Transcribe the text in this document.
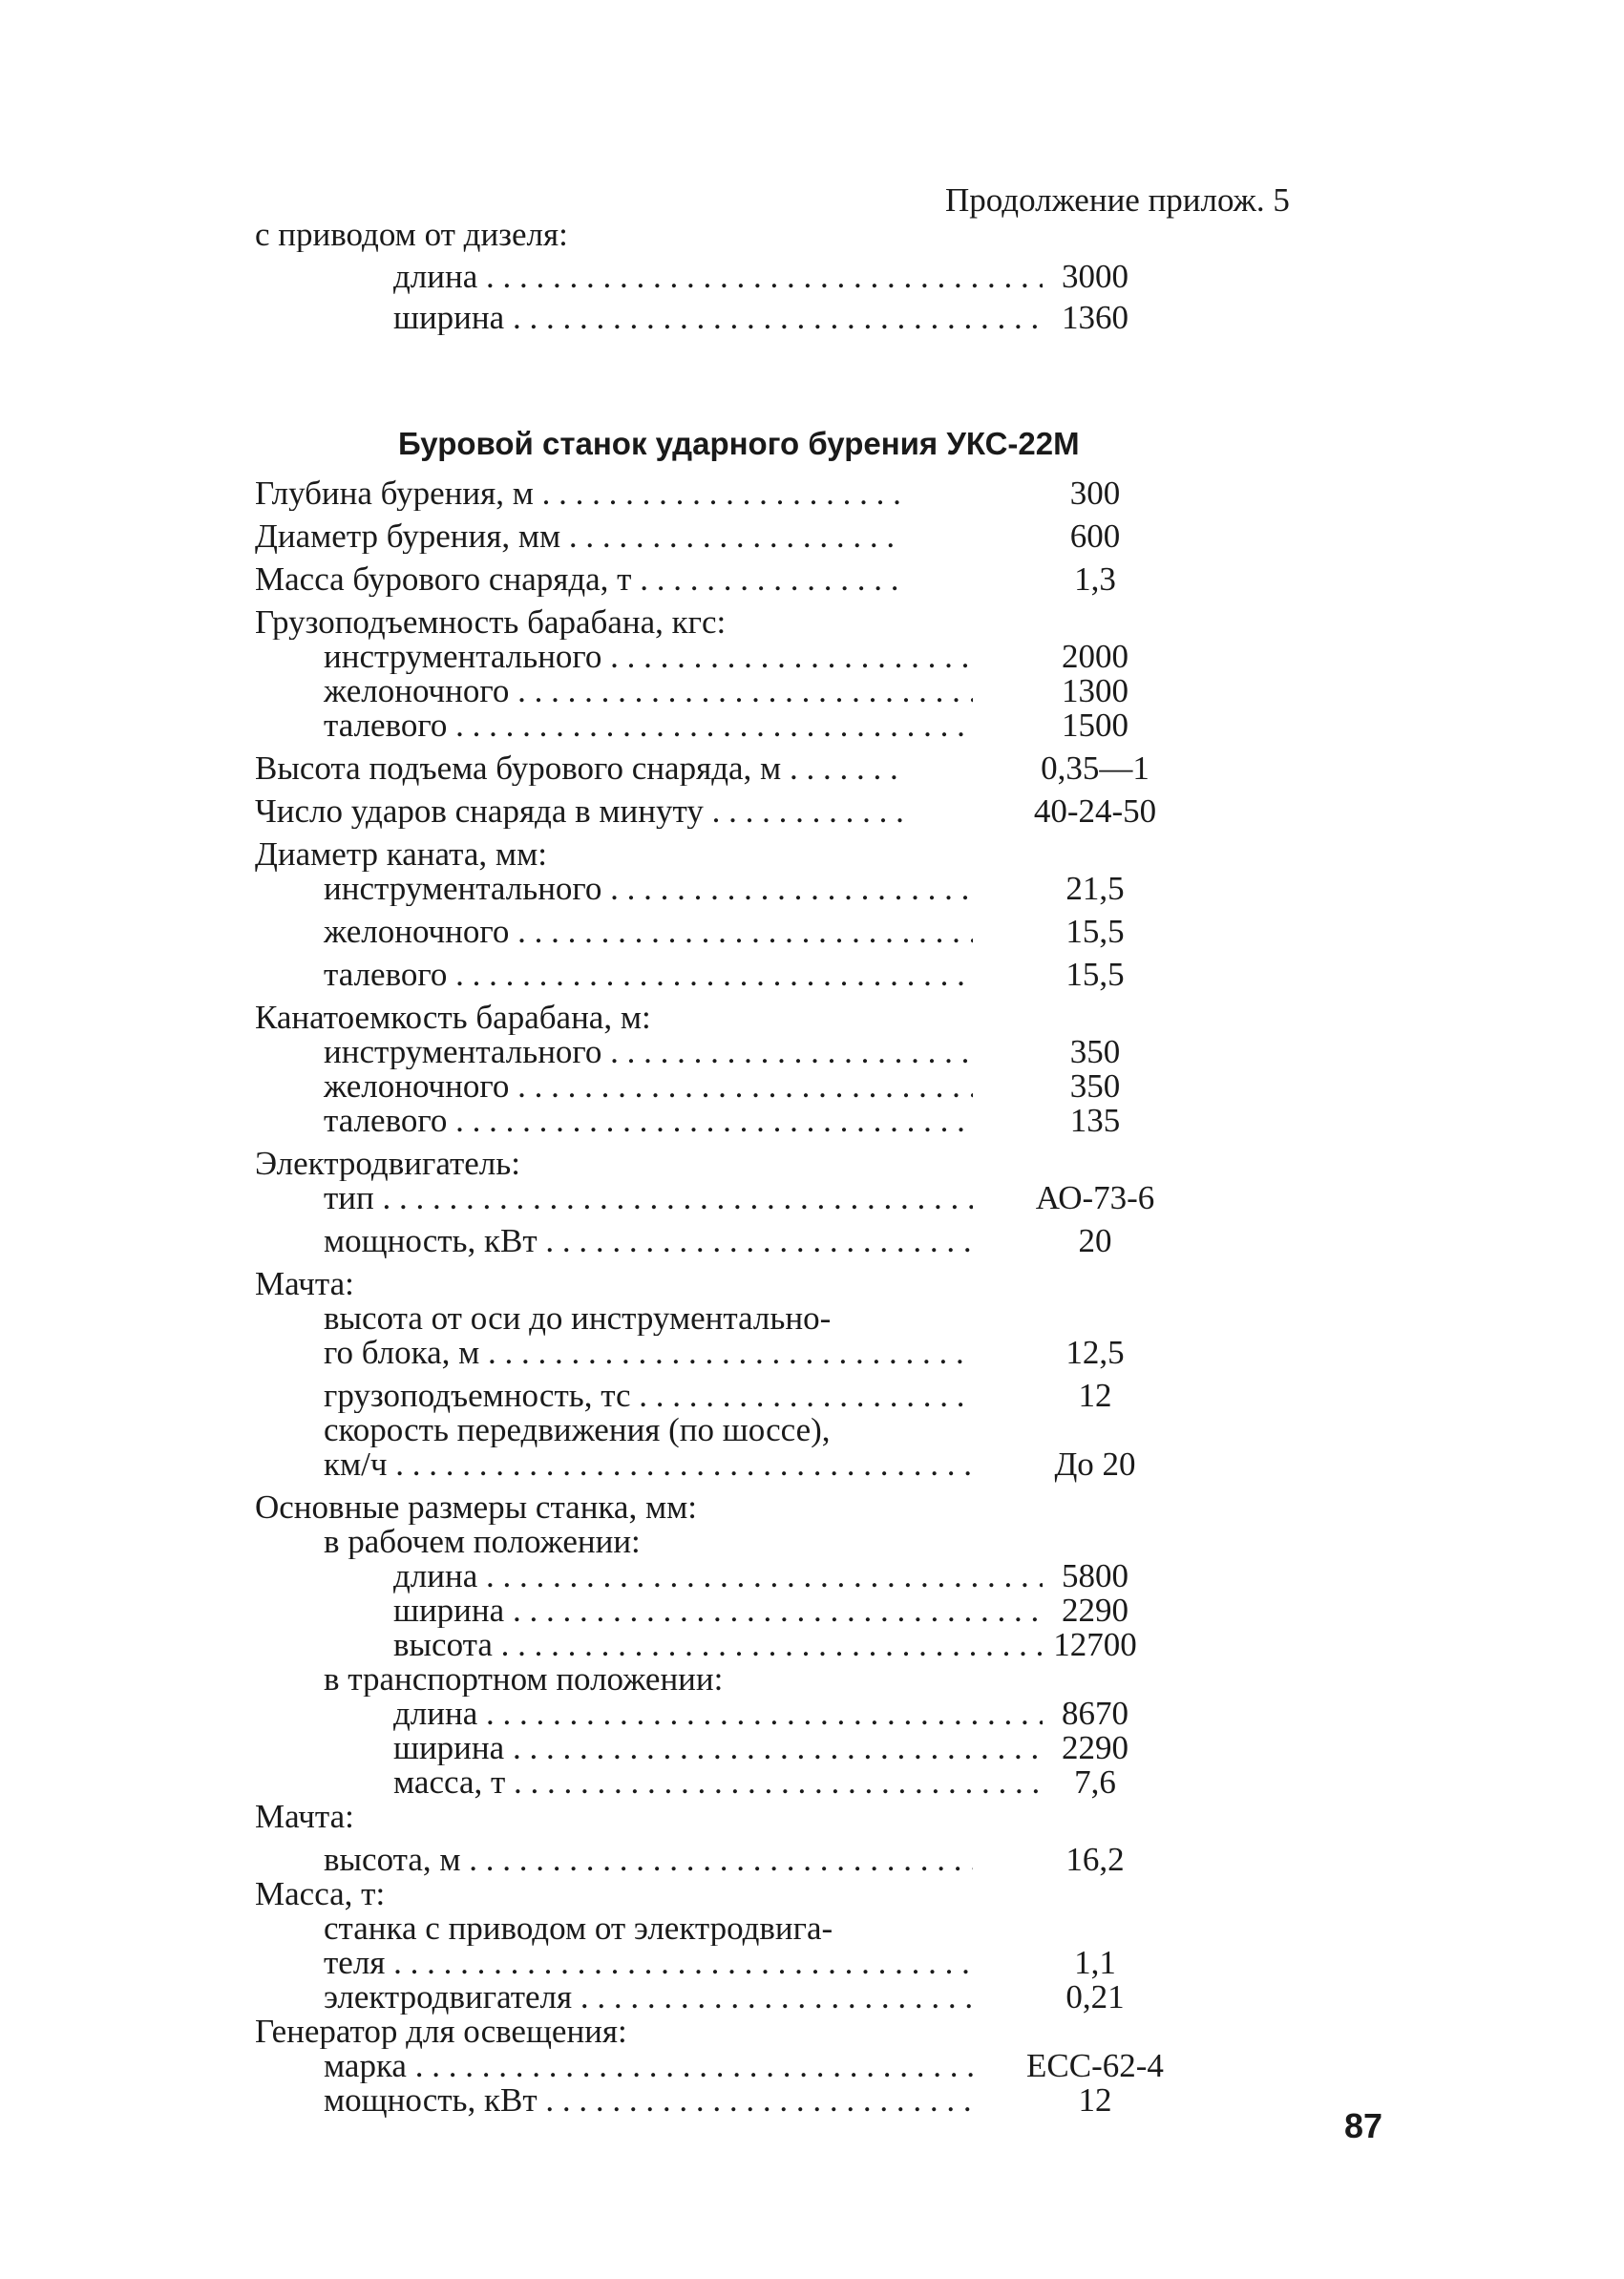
Продолжение прилож. 5
с приводом от дизеля:
длина . . .	3000
ширина . . .	1360
Буровой станок ударного бурения УКС-22М
Глубина бурения, м . . .	300
Диаметр бурения, мм . . .	600
Масса бурового снаряда, т . . .	1,3
Грузоподъемность барабана, кгс:
инструментального . . .	2000
желоночного . . .	1300
талевого . . .	1500
Высота подъема бурового снаряда, м . . .	0,35—1
Число ударов снаряда в минуту . . .	40-24-50
Диаметр каната, мм:
инструментального . . .	21,5
желоночного . . .	15,5
талевого . . .	15,5
Канатоемкость барабана, м:
инструментального . . .	350
желоночного . . .	350
талевого . . .	135
Электродвигатель:
тип . . .	АО-73-6
мощность, кВт . . .	20
Мачта:
высота от оси до инструментально-
го блока, м . . .	12,5
грузоподъемность, тс . . .	12
скорость передвижения (по шоссе),
км/ч . . .	До 20
Основные размеры станка, мм:
в рабочем положении:
длина . . .	5800
ширина . . .	2290
высота . . .	12700
в транспортном положении:
длина . . .	8670
ширина . . .	2290
масса, т . . .	7,6
Мачта:
высота, м . . .	16,2
Масса, т:
станка с приводом от электродвига-
теля . . .	1,1
электродвигателя . . .	0,21
Генератор для освещения:
марка . . .	ЕСС-62-4
мощность, кВт . . .	12
87
